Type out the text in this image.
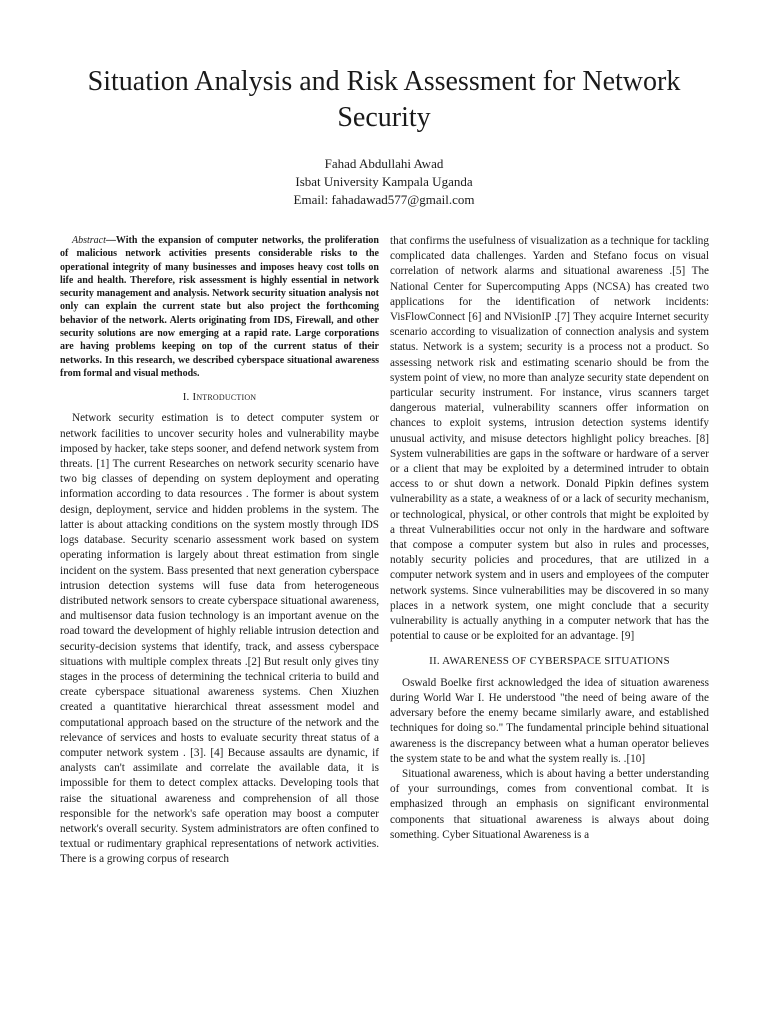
Situation Analysis and Risk Assessment for Network Security
Fahad Abdullahi Awad
Isbat University Kampala Uganda
Email: fahadawad577@gmail.com

Abstract—With the expansion of computer networks, the proliferation of malicious network activities presents considerable risks to the operational integrity of many businesses and imposes heavy cost tolls on life and health. Therefore, risk assessment is highly essential in network security management and analysis. Network security situation analysis not only can explain the current state but also project the forthcoming behavior of the network. Alerts originating from IDS, Firewall, and other security solutions are now emerging at a rapid rate. Large corporations are having problems keeping on top of the current status of their networks. In this research, we described cyberspace situational awareness from formal and visual methods.

I. Introduction

Network security estimation is to detect computer system or network facilities to uncover security holes and vulnerability maybe imposed by hacker, take steps sooner, and defend network system from threats. [1] The current Researches on network security scenario have two big classes of depending on system deployment and operating information according to data resources . The former is about system design, deployment, service and hidden problems in the system. The latter is about attacking conditions on the system mostly through IDS logs database. Security scenario assessment work based on system operating information is largely about threat estimation from single incident on the system. Bass presented that next generation cyberspace intrusion detection systems will fuse data from heterogeneous distributed network sensors to create cyberspace situational awareness, and multisensor data fusion technology is an important avenue on the road toward the development of highly reliable intrusion detection and security-decision systems that identify, track, and assess cyberspace situations with multiple complex threats .[2] But result only gives tiny stages in the process of determining the technical criteria to build and create cyberspace situational awareness systems. Chen Xiuzhen created a quantitative hierarchical threat assessment model and computational approach based on the structure of the network and the relevance of services and hosts to evaluate security threat status of a computer network system . [3]. [4] Because assaults are dynamic, if analysts can't assimilate and correlate the available data, it is impossible for them to detect complex attacks. Developing tools that raise the situational awareness and comprehension of all those responsible for the network's safe operation may boost a computer network's overall security. System administrators are often confined to textual or rudimentary graphical representations of network activities. There is a growing corpus of research

that confirms the usefulness of visualization as a technique for tackling complicated data challenges. Yarden and Stefano focus on visual correlation of network alarms and situational awareness .[5] The National Center for Supercomputing Apps (NCSA) has created two applications for the identification of network incidents: VisFlowConnect [6] and NVisionIP .[7] They acquire Internet security scenario according to visualization of connection analysis and system status. Network is a system; security is a process not a product. So assessing network risk and estimating scenario should be from the system point of view, no more than analyze security state dependent on particular security instrument. For instance, virus scanners target dangerous material, vulnerability scanners offer information on chances to exploit systems, intrusion detection systems identify unusual activity, and misuse detectors highlight policy breaches. [8] System vulnerabilities are gaps in the software or hardware of a server or a client that may be exploited by a determined intruder to obtain access to or shut down a network. Donald Pipkin defines system vulnerability as a state, a weakness of or a lack of security mechanism, or technological, physical, or other controls that might be exploited by a threat Vulnerabilities occur not only in the hardware and software that compose a computer system but also in rules and processes, notably security policies and procedures, that are utilized in a computer network system and in users and employees of the computer network systems. Since vulnerabilities may be discovered in so many places in a network system, one might conclude that a security vulnerability is actually anything in a computer network that has the potential to cause or be exploited for an advantage. [9]

II. AWARENESS OF CYBERSPACE SITUATIONS

Oswald Boelke first acknowledged the idea of situation awareness during World War I. He understood "the need of being aware of the adversary before the enemy became similarly aware, and established techniques for doing so." The fundamental principle behind situational awareness is the discrepancy between what a human operator believes the system state to be and what the system really is. .[10]

Situational awareness, which is about having a better understanding of your surroundings, comes from conventional combat. It is emphasized through an emphasis on significant environmental components that situational awareness is always about doing something. Cyber Situational Awareness is a
